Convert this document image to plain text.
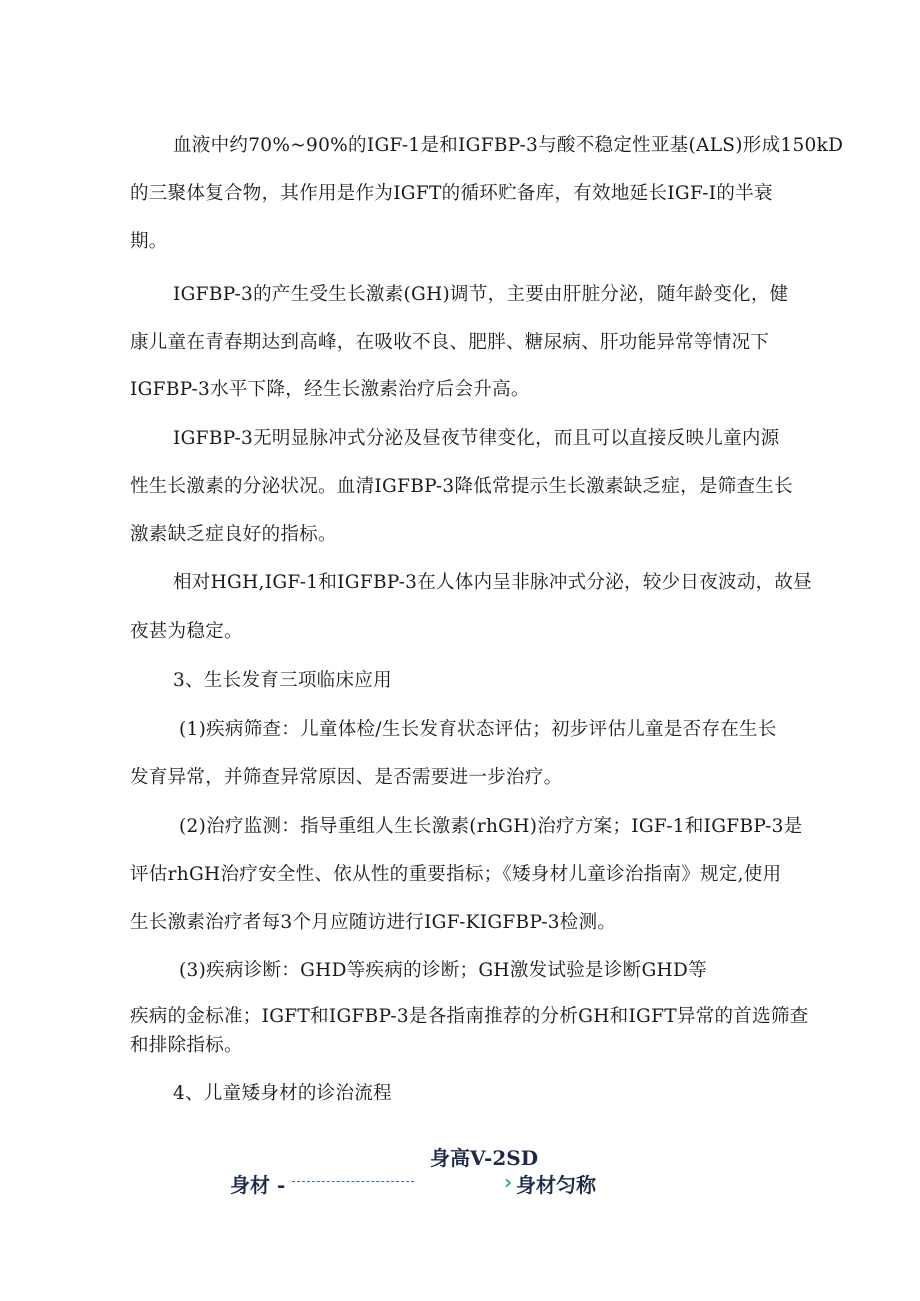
血液中约70%~90%的IGF-1是和IGFBP-3与酸不稳定性亚基(ALS)形成150kD
的三聚体复合物，其作用是作为IGFT的循环贮备库，有效地延长IGF-I的半衰
期。
IGFBP-3的产生受生长激素(GH)调节，主要由肝脏分泌，随年龄变化，健
康儿童在青春期达到高峰，在吸收不良、肥胖、糖尿病、肝功能异常等情况下
IGFBP-3水平下降，经生长激素治疗后会升高。
IGFBP-3无明显脉冲式分泌及昼夜节律变化，而且可以直接反映儿童内源
性生长激素的分泌状况。血清IGFBP-3降低常提示生长激素缺乏症，是筛查生长
激素缺乏症良好的指标。
相对HGH,IGF-1和IGFBP-3在人体内呈非脉冲式分泌，较少日夜波动，故昼
夜甚为稳定。
3、生长发育三项临床应用
(1)疾病筛查：儿童体检/生长发育状态评估；初步评估儿童是否存在生长
发育异常，并筛查异常原因、是否需要进一步治疗。
(2)治疗监测：指导重组人生长激素(rhGH)治疗方案；IGF-1和IGFBP-3是
评估rhGH治疗安全性、依从性的重要指标；《矮身材儿童诊治指南》规定,使用
生长激素治疗者每3个月应随访进行IGF-KIGFBP-3检测。
(3)疾病诊断：GHD等疾病的诊断；GH激发试验是诊断GHD等
疾病的金标准；IGFT和IGFBP-3是各指南推荐的分析GH和IGFT异常的首选筛查
和排除指标。
4、儿童矮身材的诊治流程
身高V-2SD
身材 -	› 身材匀称
